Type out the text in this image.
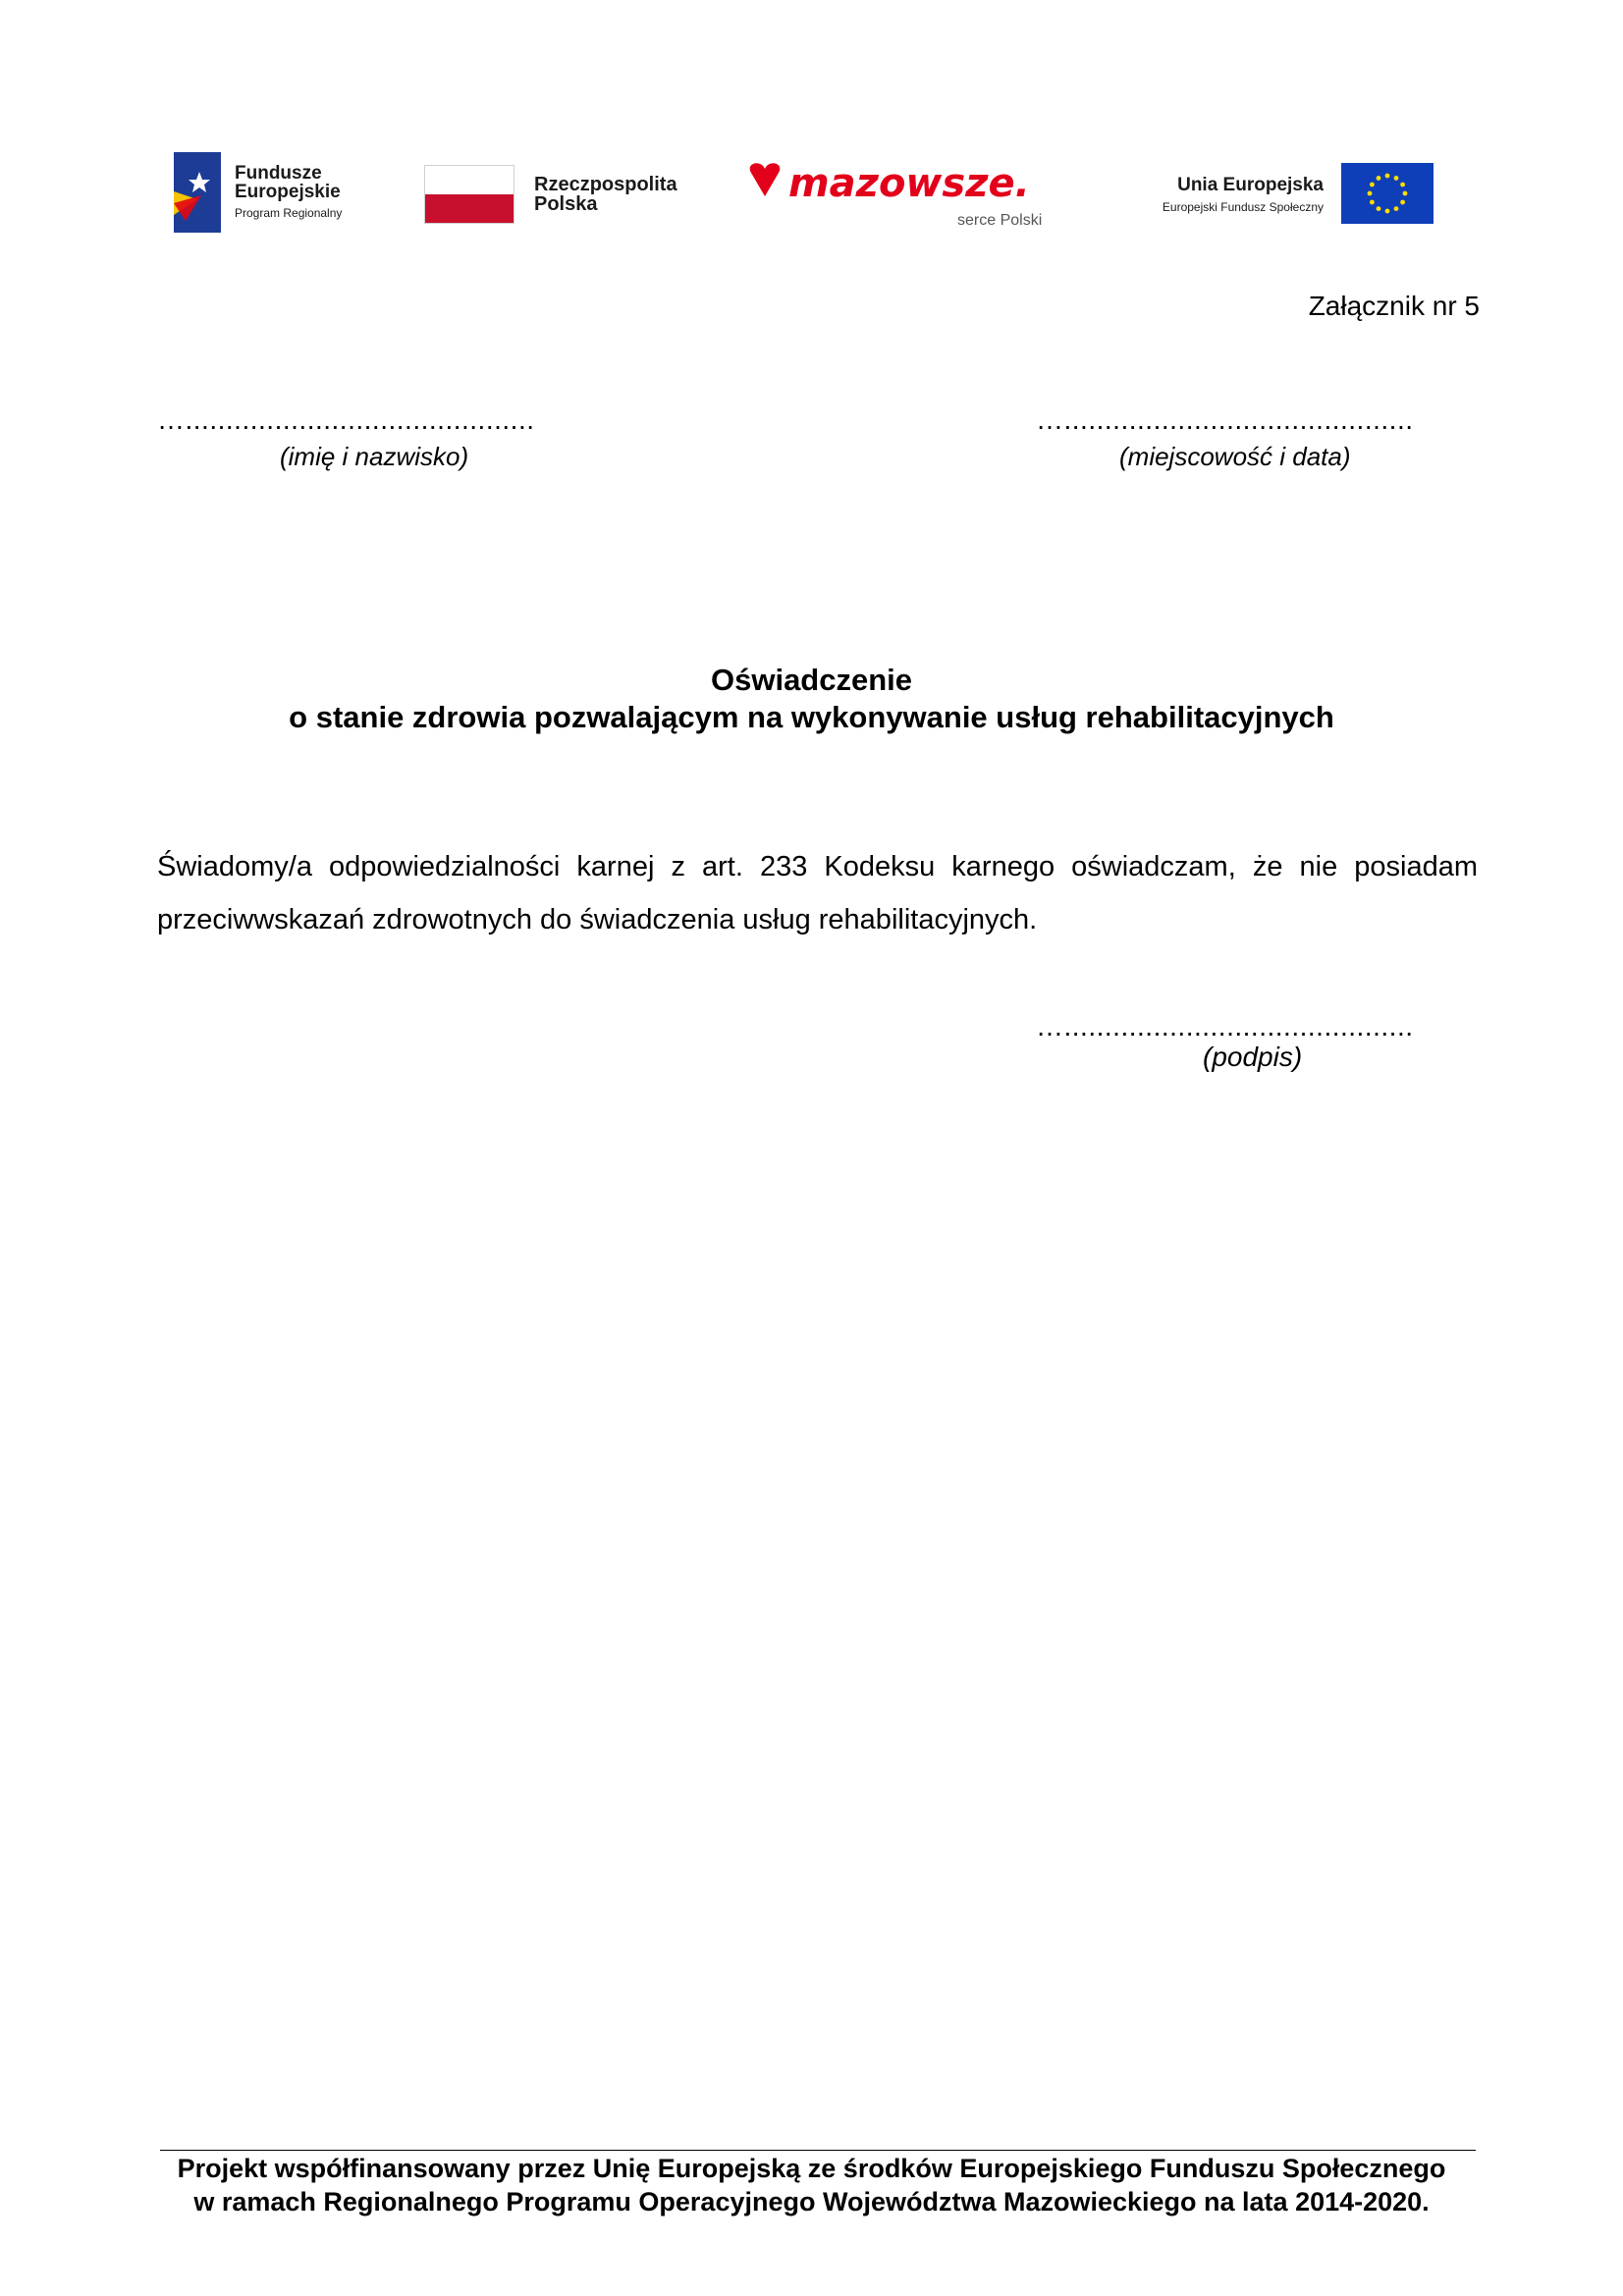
Fundusze
Europejskie
Program Regionalny
Rzeczpospolita
Polska	mazowsze.
serce Polski
Unia Europejska
Europejski Fundusz Społeczny
Załącznik nr 5
…...........................................
(imię i nazwisko)
…...........................................
(miejscowość i data)
Oświadczenie
o stanie zdrowia pozwalającym na wykonywanie usług rehabilitacyjnych
Świadomy/a odpowiedzialności karnej z art. 233 Kodeksu karnego oświadczam, że nie posiadam przeciwwskazań zdrowotnych do świadczenia usług rehabilitacyjnych.
…...........................................
(podpis)
Projekt współfinansowany przez Unię Europejską ze środków Europejskiego Funduszu Społecznego
w ramach Regionalnego Programu Operacyjnego Województwa Mazowieckiego na lata 2014-2020.
